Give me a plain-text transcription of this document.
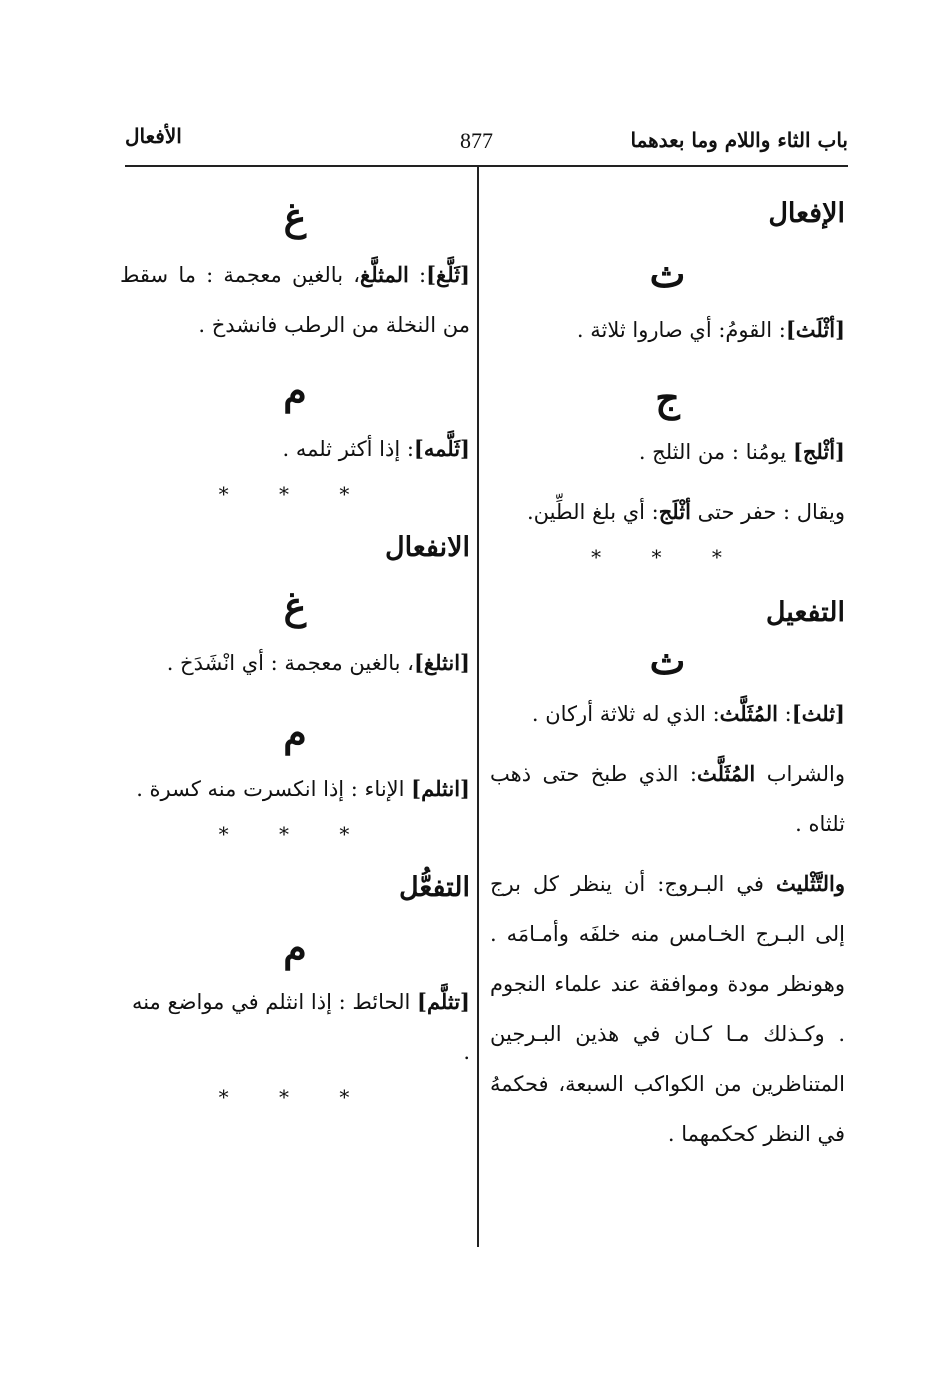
باب الثاء واللام وما بعدهما
877
الأفعال

الإفعال

ث

[أثْلَث]: القومُ: أي صاروا ثلاثة .

ج

[أثْلج] يومُنا : من الثلج .

ويقال : حفر حتى أثْلَج: أي بلغ الطِّين.

* * *

التفعيل

ث

[ثلث]: المُثَلَّث: الذي له ثلاثة أركان .

والشراب المُثَلَّث: الذي طبخ حتى ذهب ثلثاه .

والتَّثْليث في البـروج: أن ينظر كل برج إلى البـرج الخـامس منه خلفَه وأمـامَه . وهونظر مودة وموافقة عند علماء النجوم . وكـذلك مـا كـان في هذين البـرجين المتناظرين من الكواكب السبعة، فحكمهُ في النظر كحكمهما .

غ

[ثَلَّغ]: المثلَّغ، بالغين معجمة : ما سقط من النخلة من الرطب فانشدخ .

م

[ثَلَّمه]: إذا أكثر ثلمه .

* * *

الانفعال

غ

[انثلغ]، بالغين معجمة : أي انْشَدَخ .

م

[انثلم] الإناء : إذا انكسرت منه كسرة .

* * *

التفعُّل

م

[تثلَّم] الحائط : إذا انثلم في مواضع منه .

* * *
